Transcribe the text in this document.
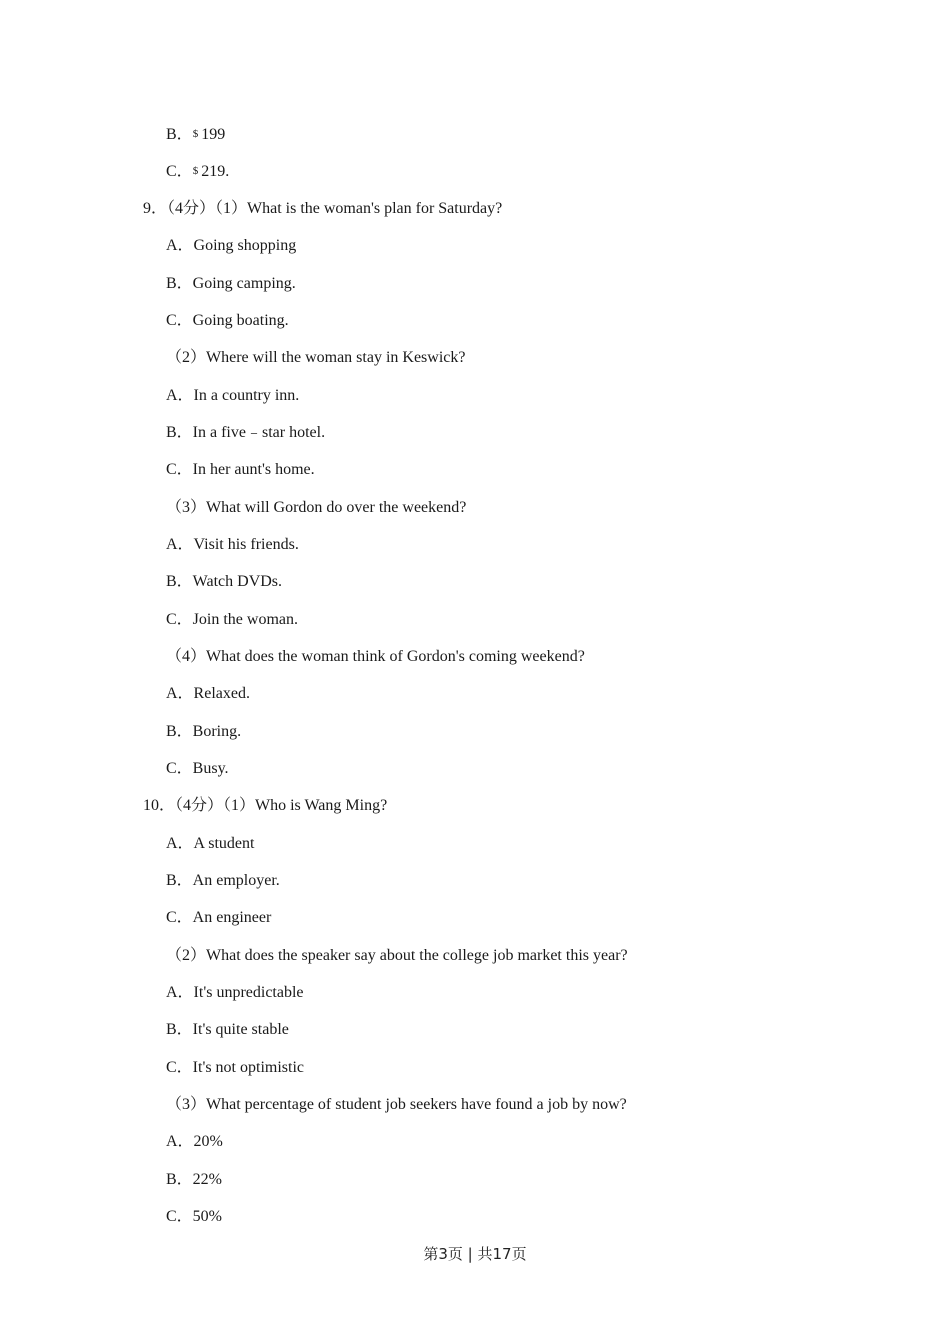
B．$ 199
C．$ 219.
9．（4分）（1）What is the woman's plan for Saturday?
A．Going shopping
B．Going camping.
C．Going boating.
（2）Where will the woman stay in Keswick?
A．In a country inn.
B．In a five﹣star hotel.
C．In her aunt's home.
（3）What will Gordon do over the weekend?
A．Visit his friends.
B．Watch DVDs.
C．Join the woman.
（4）What does the woman think of Gordon's coming weekend?
A．Relaxed.
B．Boring.
C．Busy.
10．（4分）（1）Who is Wang Ming?
A．A student
B．An employer.
C．An engineer
（2）What does the speaker say about the college job market this year?
A．It's unpredictable
B．It's quite stable
C．It's not optimistic
（3）What percentage of student job seekers have found a job by now?
A．20%
B．22%
C．50%
第3页 | 共17页
